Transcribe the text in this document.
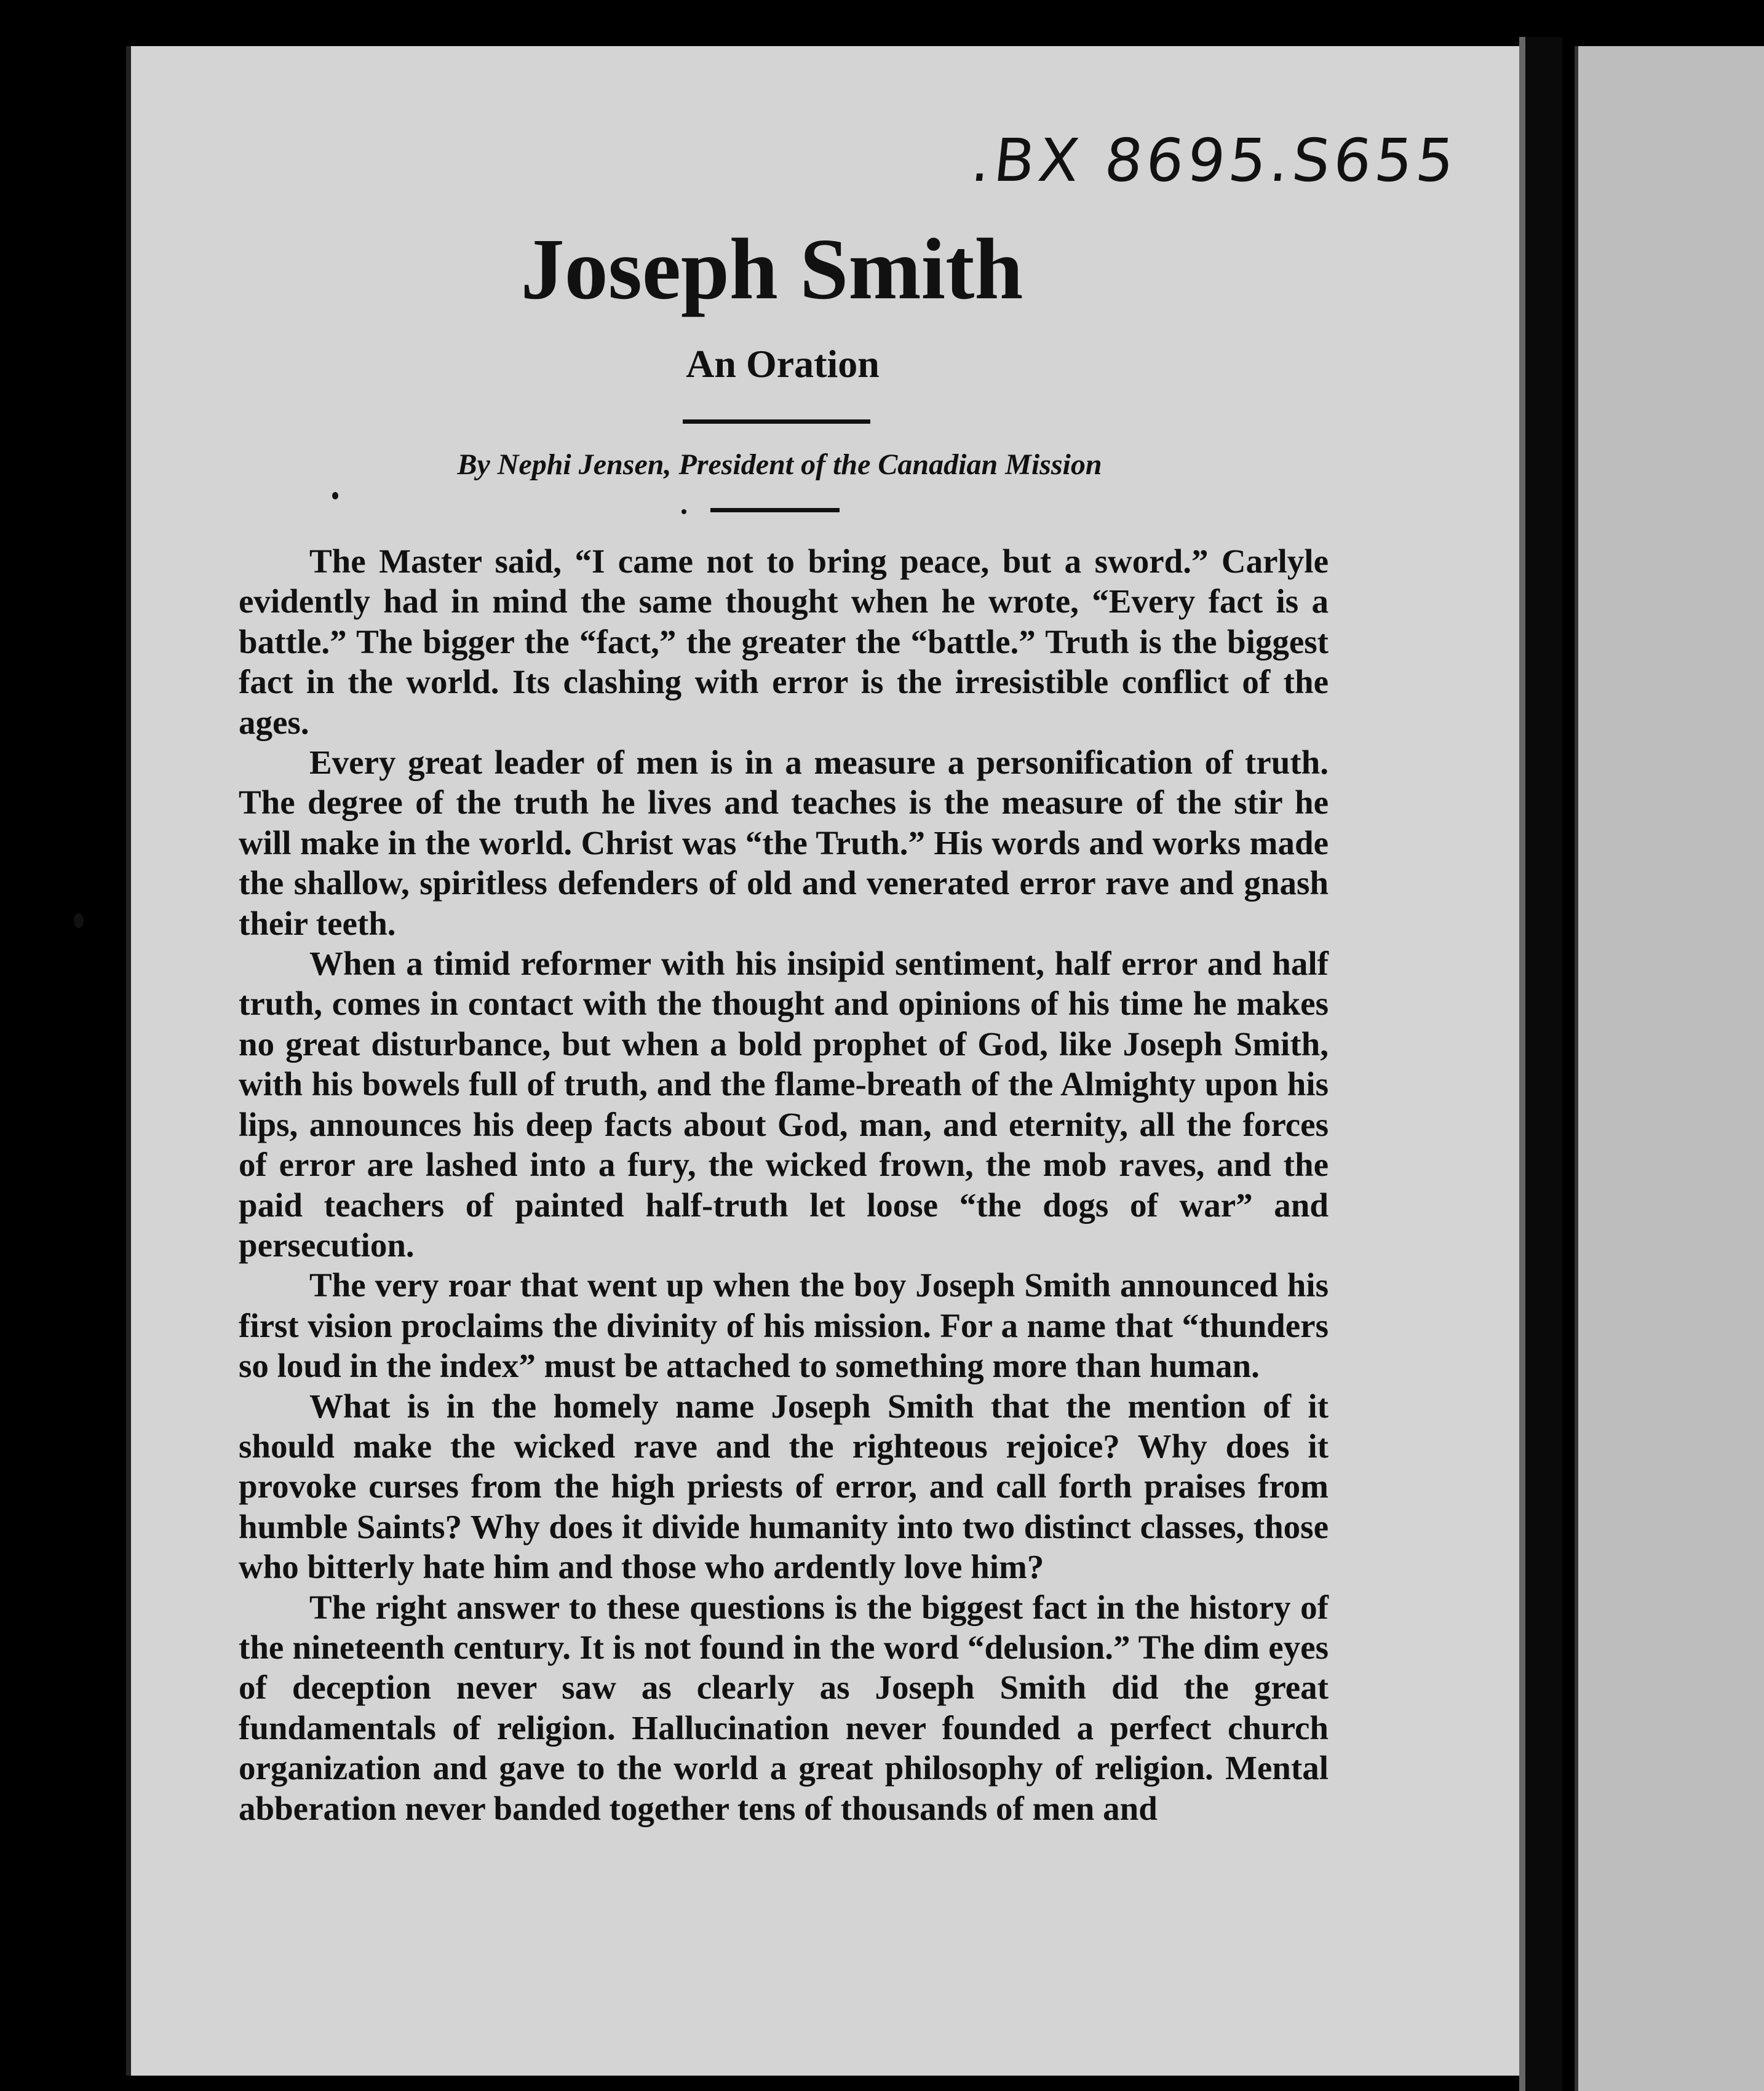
.BX 8695.S655
Joseph Smith
An Oration
By Nephi Jensen, President of the Canadian Mission

The Master said, “I came not to bring peace, but a sword.” Carlyle evidently had in mind the same thought when he wrote, “Every fact is a battle.” The bigger the “fact,” the greater the “battle.” Truth is the biggest fact in the world. Its clashing with error is the irresistible conflict of the ages.

Every great leader of men is in a measure a personification of truth. The degree of the truth he lives and teaches is the measure of the stir he will make in the world. Christ was “the Truth.” His words and works made the shallow, spiritless defenders of old and venerated error rave and gnash their teeth.

When a timid reformer with his insipid sentiment, half error and half truth, comes in contact with the thought and opinions of his time he makes no great disturbance, but when a bold prophet of God, like Joseph Smith, with his bowels full of truth, and the flame-breath of the Almighty upon his lips, announces his deep facts about God, man, and eternity, all the forces of error are lashed into a fury, the wicked frown, the mob raves, and the paid teachers of painted half-truth let loose “the dogs of war” and persecution.

The very roar that went up when the boy Joseph Smith announced his first vision proclaims the divinity of his mission. For a name that “thunders so loud in the index” must be attached to something more than human.

What is in the homely name Joseph Smith that the mention of it should make the wicked rave and the righteous rejoice? Why does it provoke curses from the high priests of error, and call forth praises from humble Saints? Why does it divide humanity into two distinct classes, those who bitterly hate him and those who ardently love him?

The right answer to these questions is the biggest fact in the history of the nineteenth century. It is not found in the word “delusion.” The dim eyes of deception never saw as clearly as Joseph Smith did the great fundamentals of religion. Hallucination never founded a perfect church organization and gave to the world a great philosophy of religion. Mental abberation never banded together tens of thousands of men and
